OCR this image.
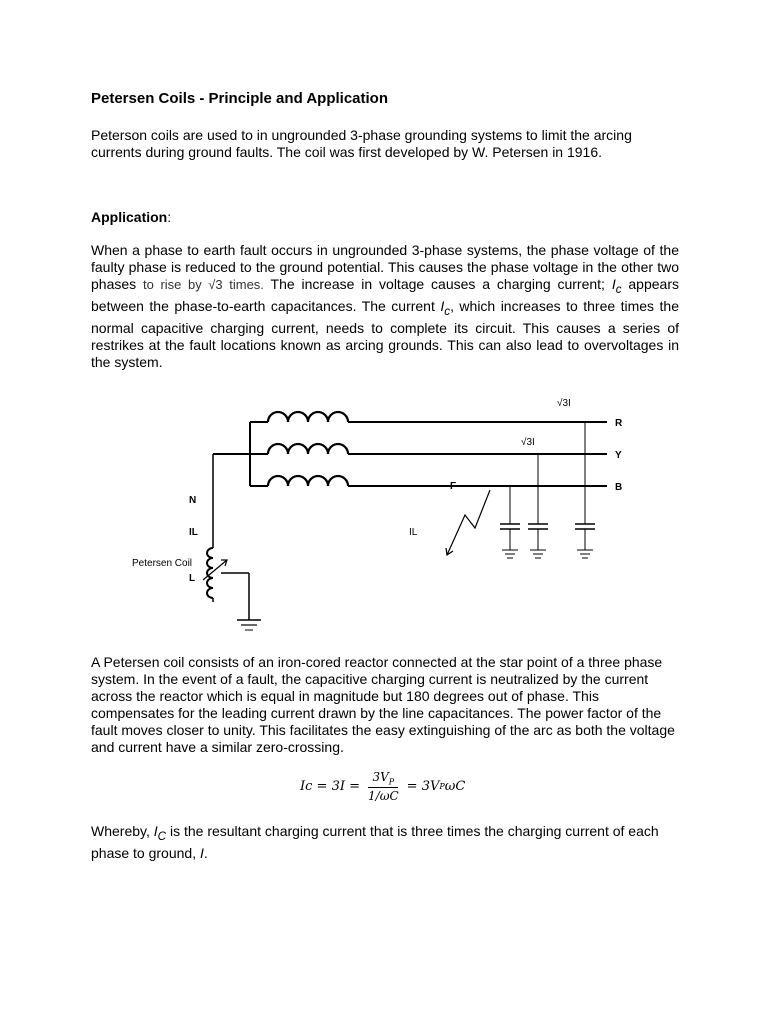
Petersen Coils - Principle and Application

Peterson coils are used to in ungrounded 3-phase grounding systems to limit the arcing currents during ground faults. The coil was first developed by W. Petersen in 1916.

Application:

When a phase to earth fault occurs in ungrounded 3-phase systems, the phase voltage of the faulty phase is reduced to the ground potential. This causes the phase voltage in the other two phases to rise by √3 times. The increase in voltage causes a charging current; $I_c$ appears between the phase-to-earth capacitances. The current $I_c$, which increases to three times the normal capacitive charging current, needs to complete its circuit. This causes a series of restrikes at the fault locations known as arcing grounds. This can also lead to overvoltages in the system.

√3I
√3I
R
Y
B
F
N
IL	IL
Petersen Coil
L

A Petersen coil consists of an iron-cored reactor connected at the star point of a three phase system. In the event of a fault, the capacitive charging current is neutralized by the current across the reactor which is equal in magnitude but 180 degrees out of phase. This compensates for the leading current drawn by the line capacitances. The power factor of the fault moves closer to unity. This facilitates the easy extinguishing of the arc as both the voltage and current have a similar zero-crossing.

$Ic = 3I = \frac{3V_P}{1/\omega C} = 3V$ P ωC

Whereby, $I_C$ is the resultant charging current that is three times the charging current of each phase to ground, I.
